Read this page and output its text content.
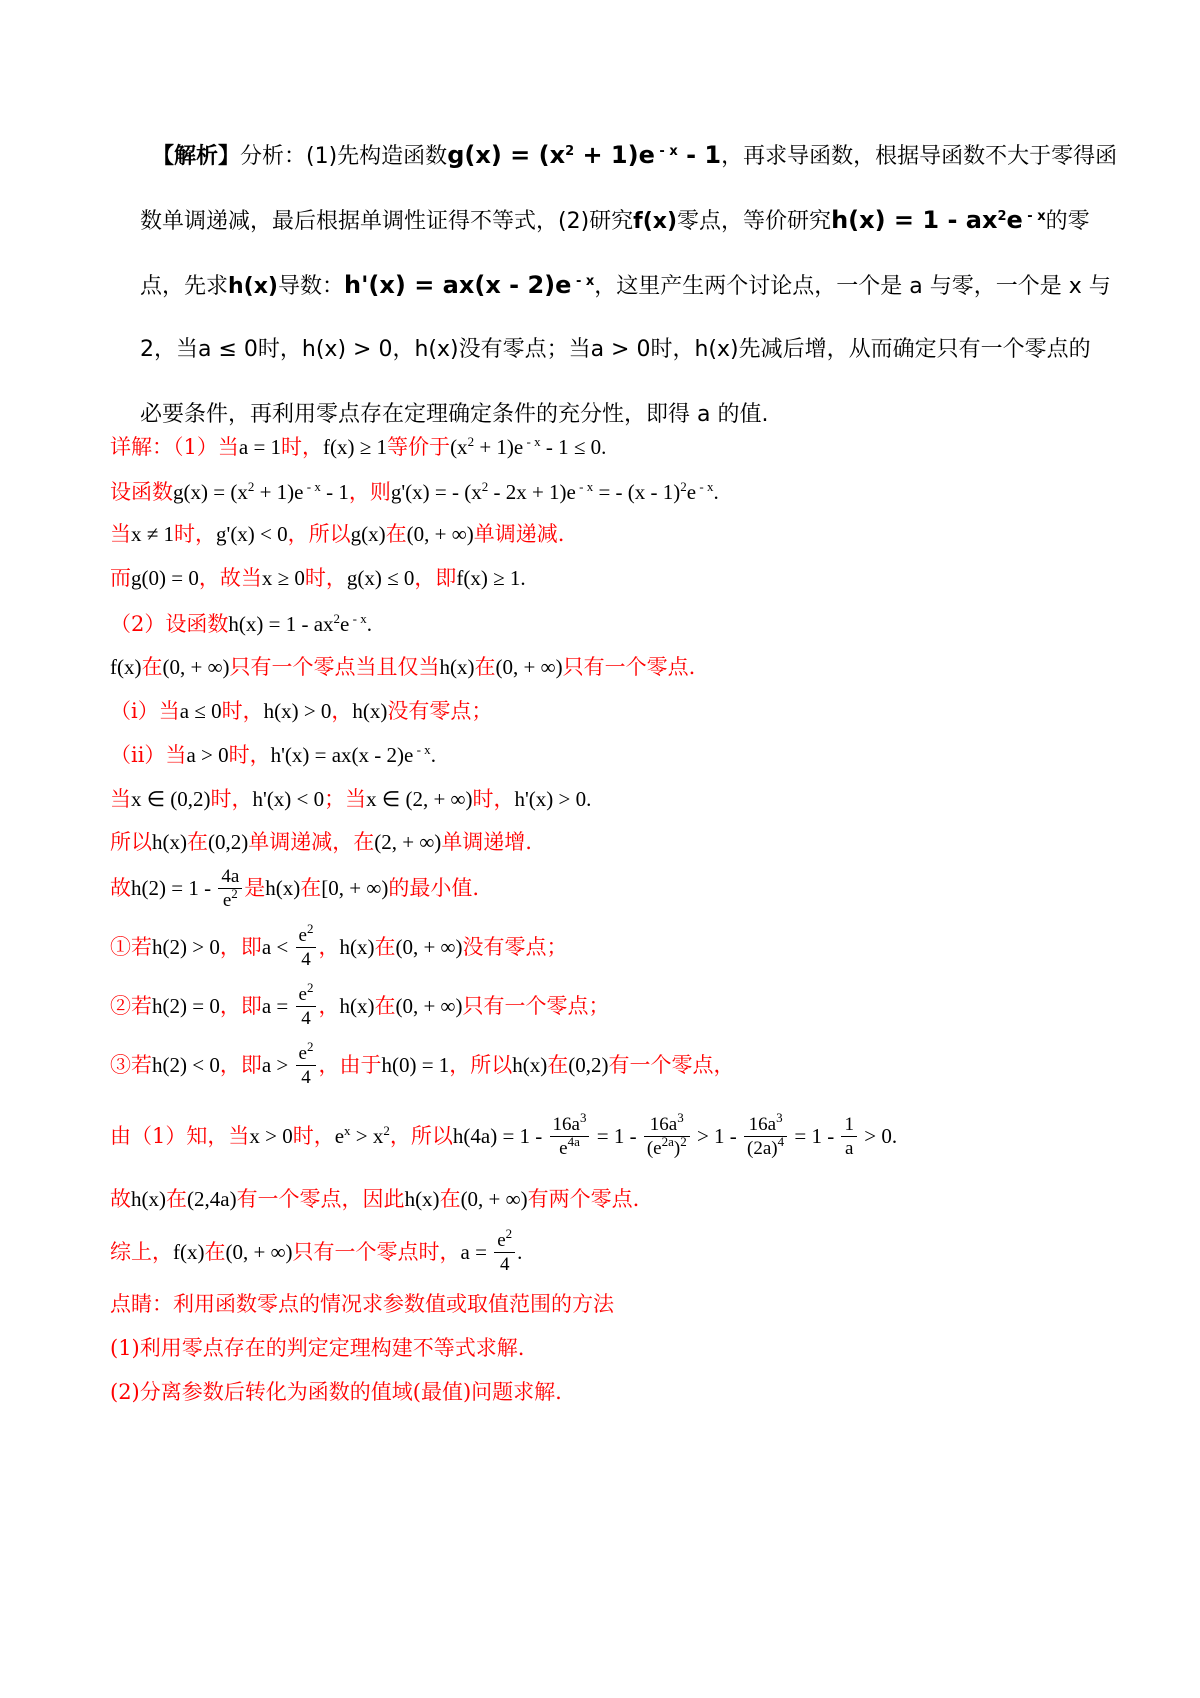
【解析】分析：(1)先构造函数$g(x) = (x^2 + 1)e$ $^{- x}$ - 1，再求导函数，根据导函数不大于零得函
数单调递减，最后根据单调性证得不等式，(2)研究f(x)零点，等价研究$h(x) = 1 - ax^2e$ $^{- x}$的零
点，先求h(x)导数：h'(x) = ax(x - 2)e $^{- x}$，这里产生两个讨论点，一个是 a 与零，一个是 x 与
2，当a ≤ 0时，h(x) > 0，h(x)没有零点；当a > 0时，h(x)先减后增，从而确定只有一个零点的
必要条件，再利用零点存在定理确定条件的充分性，即得 a 的值.
详解：（1）当a = 1时，f(x) ≥ 1等价于$(x^2 + 1)e$ $^{- x}$ - 1 ≤ 0.
设函数$g(x) = (x^2 + 1)e$ $^{- x}$ - 1，则g'(x) = - $(x^2 - 2x + 1)e$ $^{- x}$ = - (x - 1)$^2$e $^{- x}$.
当x ≠ 1时，g'(x) < 0，所以g(x)在(0, + ∞)单调递减.
而g(0) = 0，故当x ≥ 0时，g(x) ≤ 0，即f(x) ≥ 1.
（2）设函数$h(x) = 1 - ax^2e$ $^{- x}$.
f(x)在(0, + ∞)只有一个零点当且仅当h(x)在(0, + ∞)只有一个零点.
（i）当a ≤ 0时，h(x) > 0，h(x)没有零点；
（ii）当a > 0时，h'(x) = ax(x - 2)e $^{- x}$.
当x ∈ (0,2)时，h'(x) < 0；当x ∈ (2, + ∞)时，h'(x) > 0.
所以h(x)在(0,2)单调递减，在(2, + ∞)单调递增.
故$h(2) = 1 - \frac{4a}{e^2}$ 是h(x)在[0, + ∞)的最小值.
①若h(2) > 0，即$a < \frac{e^2}{4}$ ，h(x)在(0, + ∞)没有零点；
②若h(2) = 0，即$a = \frac{e^2}{4}$ ，h(x)在(0, + ∞)只有一个零点；
③若h(2) < 0，即$a > \frac{e^2}{4}$ ，由于h(0) = 1，所以h(x)在(0,2)有一个零点，
由（1）知，当x > 0时，$e^x > x^2$，所以$h(4a) = 1 - \frac{16a^3}{e^{4a}} = 1 - \frac{16a^3}{(e^{2a})^2} > 1 - \frac{16a^3}{(2a)^4} = 1 - \frac{1}{a} > 0$.
故h(x)在(2,4a)有一个零点，因此h(x)在(0, + ∞)有两个零点.
综上，f(x)在(0, + ∞)只有一个零点时，$a = \frac{e^2}{4}$ .
点睛：利用函数零点的情况求参数值或取值范围的方法
(1)利用零点存在的判定定理构建不等式求解.
(2)分离参数后转化为函数的值域(最值)问题求解.
